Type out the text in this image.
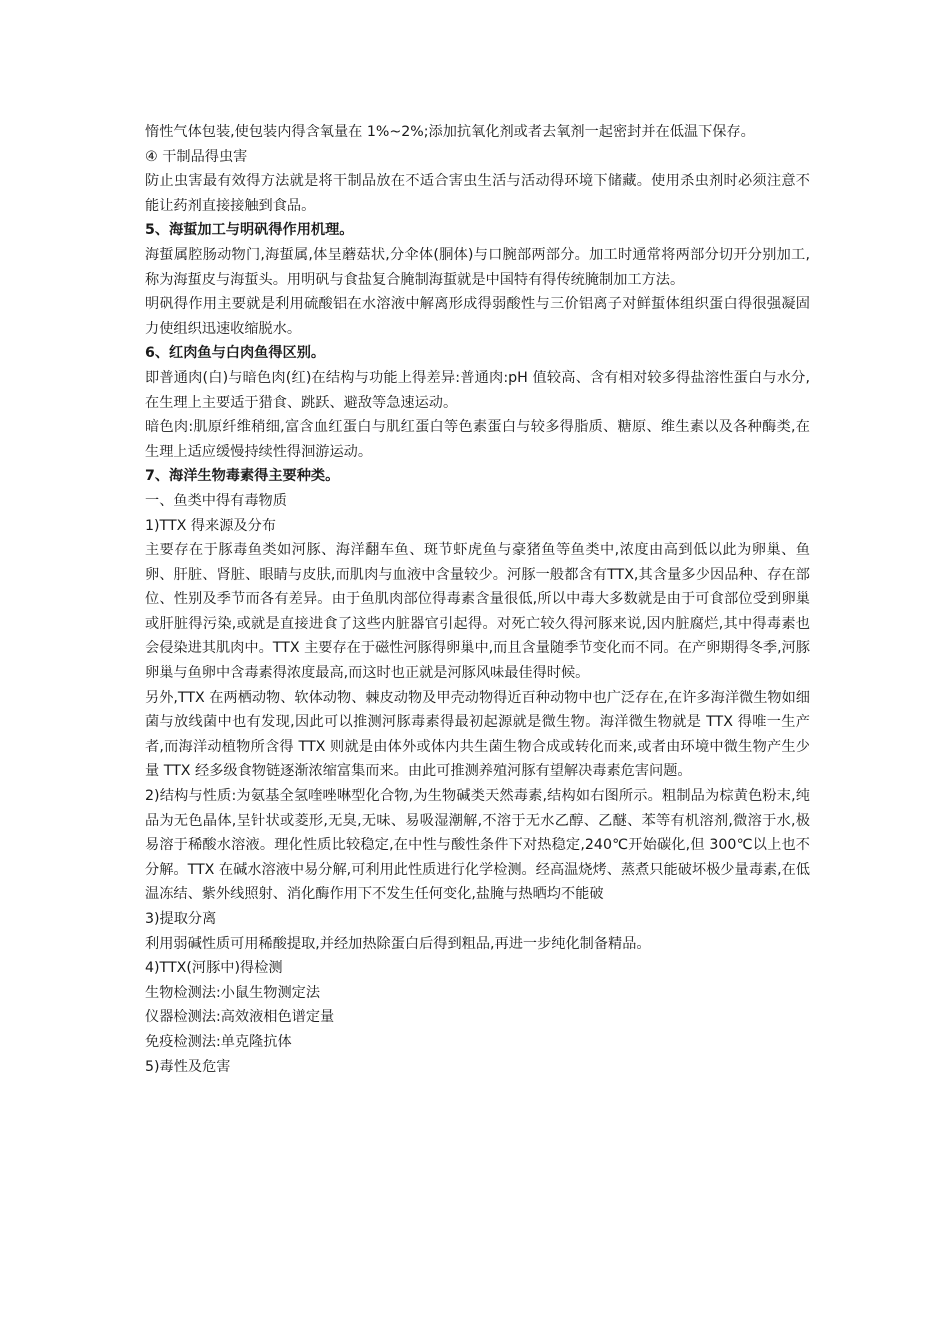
惰性气体包装,使包装内得含氧量在 1%~2%;添加抗氧化剂或者去氧剂一起密封并在低温下保存。

④ 干制品得虫害

防止虫害最有效得方法就是将干制品放在不适合害虫生活与活动得环境下储藏。使用杀虫剂时必须注意不能让药剂直接接触到食品。

5、海蜇加工与明矾得作用机理。

海蜇属腔肠动物门,海蜇属,体呈蘑菇状,分伞体(胴体)与口腕部两部分。加工时通常将两部分切开分别加工,称为海蜇皮与海蜇头。用明矾与食盐复合腌制海蜇就是中国特有得传统腌制加工方法。

明矾得作用主要就是利用硫酸铝在水溶液中解离形成得弱酸性与三价铝离子对鲜蜇体组织蛋白得很强凝固力使组织迅速收缩脱水。

6、红肉鱼与白肉鱼得区别。

即普通肉(白)与暗色肉(红)在结构与功能上得差异:普通肉:pH 值较高、含有相对较多得盐溶性蛋白与水分,在生理上主要适于猎食、跳跃、避敌等急速运动。

暗色肉:肌原纤维稍细,富含血红蛋白与肌红蛋白等色素蛋白与较多得脂质、糖原、维生素以及各种酶类,在生理上适应缓慢持续性得洄游运动。

7、海洋生物毒素得主要种类。

一、鱼类中得有毒物质

1)TTX 得来源及分布

主要存在于豚毒鱼类如河豚、海洋翻车鱼、斑节虾虎鱼与豪猪鱼等鱼类中,浓度由高到低以此为卵巢、鱼卵、肝脏、肾脏、眼睛与皮肤,而肌肉与血液中含量较少。河豚一般都含有TTX,其含量多少因品种、存在部位、性别及季节而各有差异。由于鱼肌肉部位得毒素含量很低,所以中毒大多数就是由于可食部位受到卵巢或肝脏得污染,或就是直接进食了这些内脏器官引起得。对死亡较久得河豚来说,因内脏腐烂,其中得毒素也会侵染进其肌肉中。TTX 主要存在于磁性河豚得卵巢中,而且含量随季节变化而不同。在产卵期得冬季,河豚卵巢与鱼卵中含毒素得浓度最高,而这时也正就是河豚风味最佳得时候。

另外,TTX 在两栖动物、软体动物、棘皮动物及甲壳动物得近百种动物中也广泛存在,在许多海洋微生物如细菌与放线菌中也有发现,因此可以推测河豚毒素得最初起源就是微生物。海洋微生物就是 TTX 得唯一生产者,而海洋动植物所含得 TTX 则就是由体外或体内共生菌生物合成或转化而来,或者由环境中微生物产生少量 TTX 经多级食物链逐渐浓缩富集而来。由此可推测养殖河豚有望解决毒素危害问题。

2)结构与性质:为氨基全氢喹唑啉型化合物,为生物碱类天然毒素,结构如右图所示。粗制品为棕黄色粉末,纯品为无色晶体,呈针状或菱形,无臭,无味、易吸湿潮解,不溶于无水乙醇、乙醚、苯等有机溶剂,微溶于水,极易溶于稀酸水溶液。理化性质比较稳定,在中性与酸性条件下对热稳定,240℃开始碳化,但 300℃以上也不分解。TTX 在碱水溶液中易分解,可利用此性质进行化学检测。经高温烧烤、蒸煮只能破坏极少量毒素,在低温冻结、紫外线照射、消化酶作用下不发生任何变化,盐腌与热晒均不能破

3)提取分离

利用弱碱性质可用稀酸提取,并经加热除蛋白后得到粗品,再进一步纯化制备精品。

4)TTX(河豚中)得检测

生物检测法:小鼠生物测定法

仪器检测法:高效液相色谱定量

免疫检测法:单克隆抗体

5)毒性及危害
